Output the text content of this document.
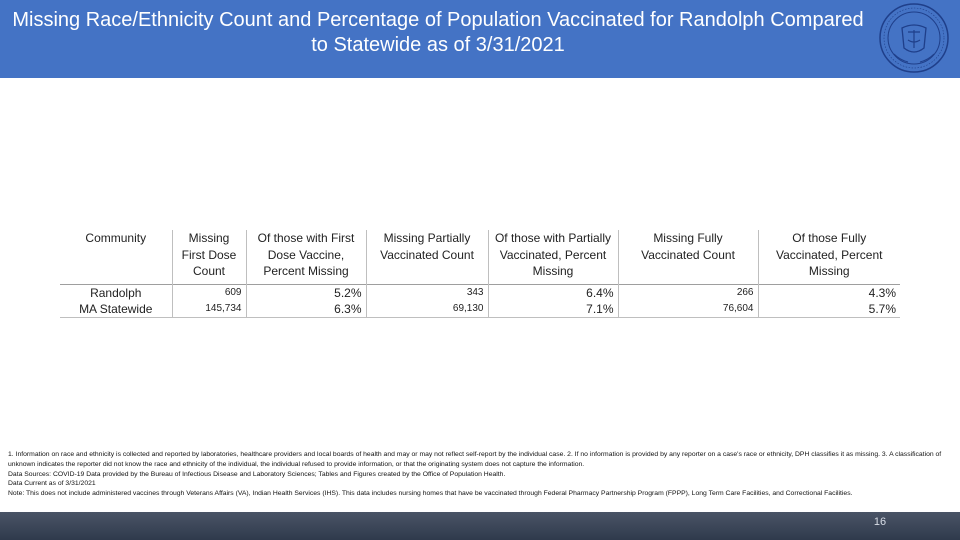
Missing Race/Ethnicity Count and Percentage of Population Vaccinated for Randolph Compared to Statewide as of 3/31/2021
Community	Missing First Dose Count	Of those with First Dose Vaccine, Percent Missing	Missing Partially Vaccinated Count	Of those with Partially Vaccinated, Percent Missing	Missing Fully Vaccinated Count	Of those Fully Vaccinated, Percent Missing
Randolph	609	5.2%	343	6.4%	266	4.3%
MA Statewide	145,734	6.3%	69,130	7.1%	76,604	5.7%

1. Information on race and ethnicity is collected and reported by laboratories, healthcare providers and local boards of health and may or may not reflect self-report by the individual case. 2. If no information is provided by any reporter on a case's race or ethnicity, DPH classifies it as missing. 3. A classification of unknown indicates the reporter did not know the race and ethnicity of the individual, the individual refused to provide information, or that the originating system does not capture the information.

Data Sources: COVID-19 Data provided by the Bureau of Infectious Disease and Laboratory Sciences; Tables and Figures created by the Office of Population Health.

Data Current as of 3/31/2021

Note: This does not include administered vaccines through Veterans Affairs (VA), Indian Health Services (IHS). This data includes nursing homes that have be vaccinated through Federal Pharmacy Partnership Program (FPPP), Long Term Care Facilities, and Correctional Facilities.

16
